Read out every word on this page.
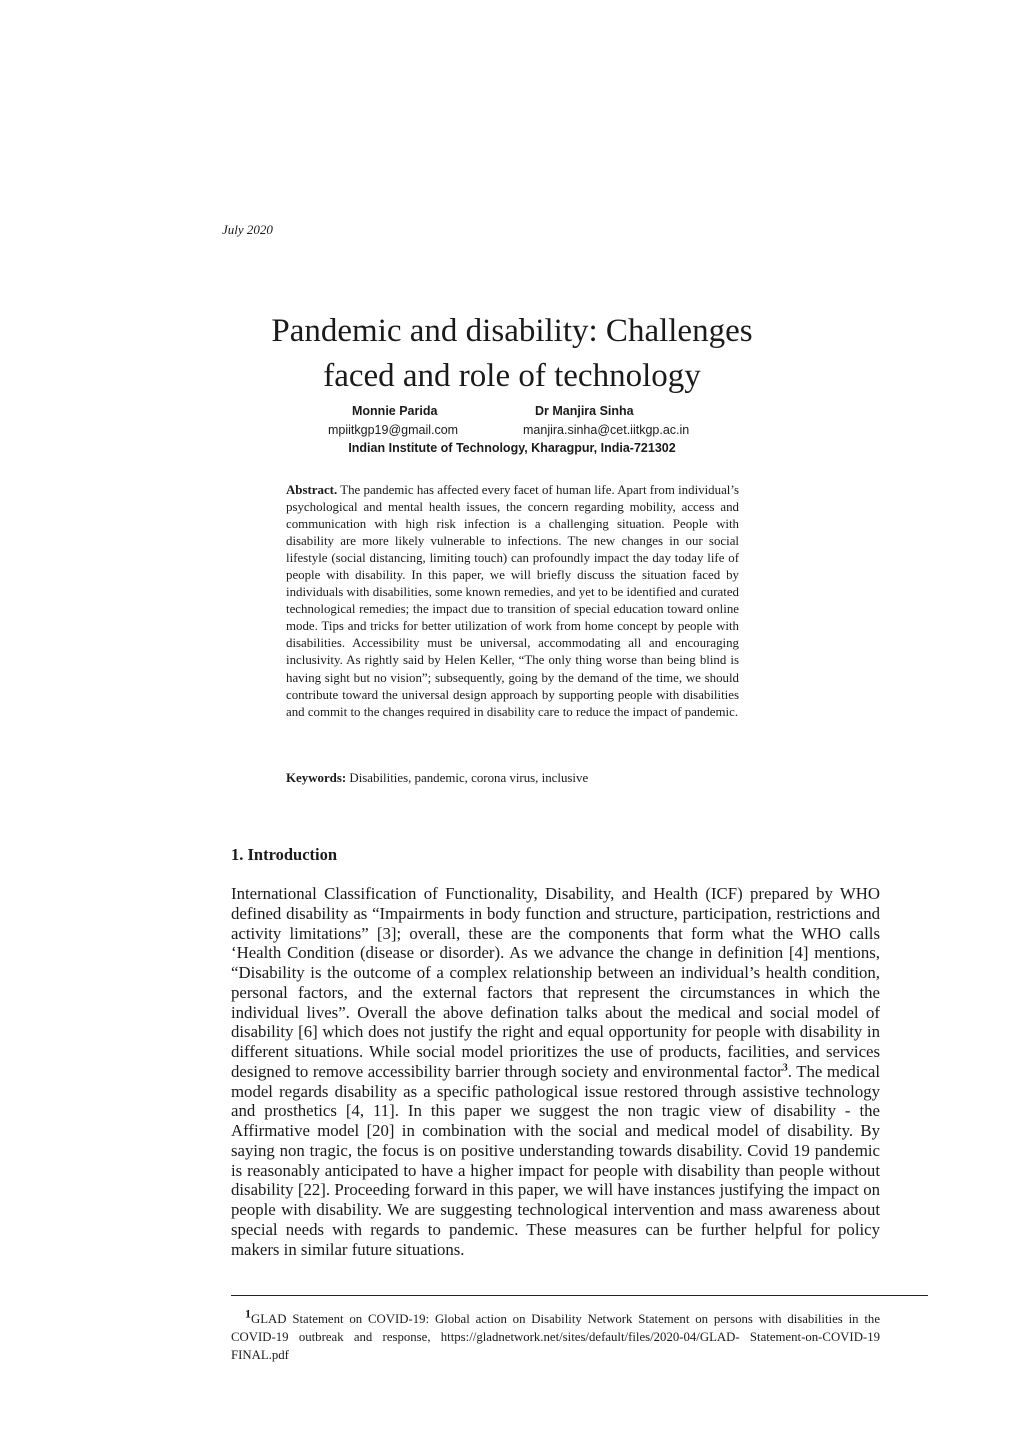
July 2020
Pandemic and disability: Challenges
faced and role of technology
Monnie Parida	Dr Manjira Sinha
mpiitkgp19@gmail.com	manjira.sinha@cet.iitkgp.ac.in
Indian Institute of Technology, Kharagpur, India-721302
Abstract. The pandemic has affected every facet of human life. Apart from individual’s psychological and mental health issues, the concern regarding mobility, access and communication with high risk infection is a challenging situation. People with disability are more likely vulnerable to infections. The new changes in our social lifestyle (social distancing, limiting touch) can profoundly impact the day today life of people with disability. In this paper, we will briefly discuss the situation faced by individuals with disabilities, some known remedies, and yet to be identified and curated technological remedies; the impact due to transition of special education toward online mode. Tips and tricks for better utilization of work from home concept by people with disabilities. Accessibility must be universal, accommodating all and encouraging inclusivity. As rightly said by Helen Keller, “The only thing worse than being blind is having sight but no vision”; subsequently, going by the demand of the time, we should contribute toward the universal design approach by supporting people with disabilities and commit to the changes required in disability care to reduce the impact of pandemic.
Keywords: Disabilities, pandemic, corona virus, inclusive
1. Introduction
International Classification of Functionality, Disability, and Health (ICF) prepared by WHO defined disability as “Impairments in body function and structure, participation, restrictions and activity limitations” [3]; overall, these are the components that form what the WHO calls ‘Health Condition (disease or disorder). As we advance the change in definition [4] mentions, “Disability is the outcome of a complex relationship between an individual’s health condition, personal factors, and the external factors that represent the circumstances in which the individual lives”. Overall the above defination talks about the medical and social model of disability [6] which does not justify the right and equal opportunity for people with disability in different situations. While social model prioritizes the use of products, facilities, and services designed to remove accessibility barrier through society and environmental factor$^3$. The medical model regards disability as a specific pathological issue restored through assistive technology and prosthetics [4, 11]. In this paper we suggest the non tragic view of disability - the Affirmative model [20] in combination with the social and medical model of disability. By saying non tragic, the focus is on positive understanding towards disability. Covid 19 pandemic is reasonably anticipated to have a higher impact for people with disability than people without disability [22]. Proceeding forward in this paper, we will have instances justifying the impact on people with disability. We are suggesting technological intervention and mass awareness about special needs with regards to pandemic. These measures can be further helpful for policy makers in similar future situations.
$^1$GLAD Statement on COVID-19: Global action on Disability Network Statement on persons with disabilities in the COVID-19 outbreak and response, https://gladnetwork.net/sites/default/files/2020-04/GLAD- Statement-on-COVID-19 FINAL.pdf
